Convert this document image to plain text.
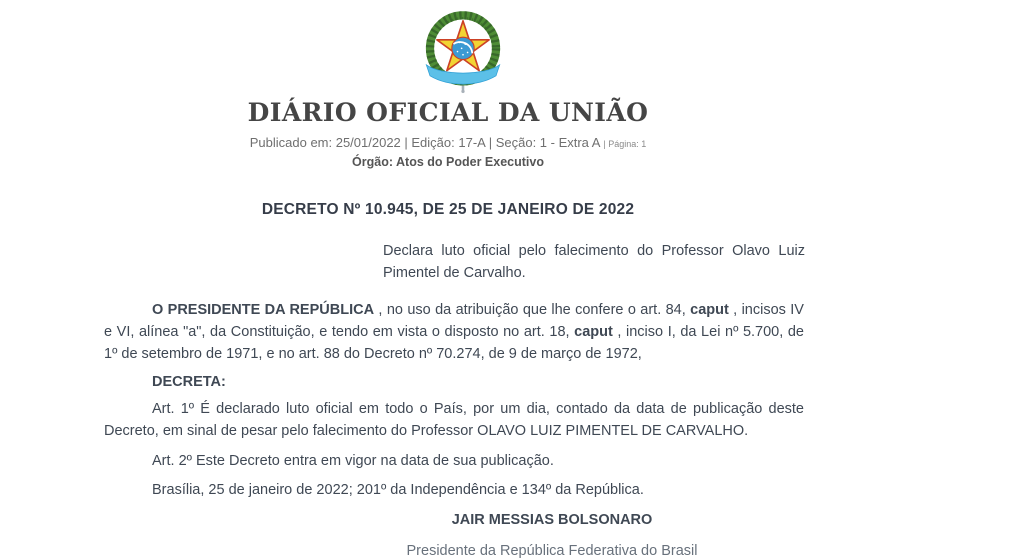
DIÁRIO OFICIAL DA UNIÃO
Publicado em: 25/01/2022 | Edição: 17-A | Seção: 1 - Extra A | Página: 1
Órgão: Atos do Poder Executivo
DECRETO Nº 10.945, DE 25 DE JANEIRO DE 2022
Declara luto oficial pelo falecimento do Professor Olavo Luiz Pimentel de Carvalho.
O PRESIDENTE DA REPÚBLICA , no uso da atribuição que lhe confere o art. 84, caput , incisos IV e VI, alínea "a", da Constituição, e tendo em vista o disposto no art. 18, caput , inciso I, da Lei nº 5.700, de 1º de setembro de 1971, e no art. 88 do Decreto nº 70.274, de 9 de março de 1972,
DECRETA:
Art. 1º É declarado luto oficial em todo o País, por um dia, contado da data de publicação deste Decreto, em sinal de pesar pelo falecimento do Professor OLAVO LUIZ PIMENTEL DE CARVALHO.
Art. 2º Este Decreto entra em vigor na data de sua publicação.
Brasília, 25 de janeiro de 2022; 201º da Independência e 134º da República.
JAIR MESSIAS BOLSONARO
Presidente da República Federativa do Brasil
